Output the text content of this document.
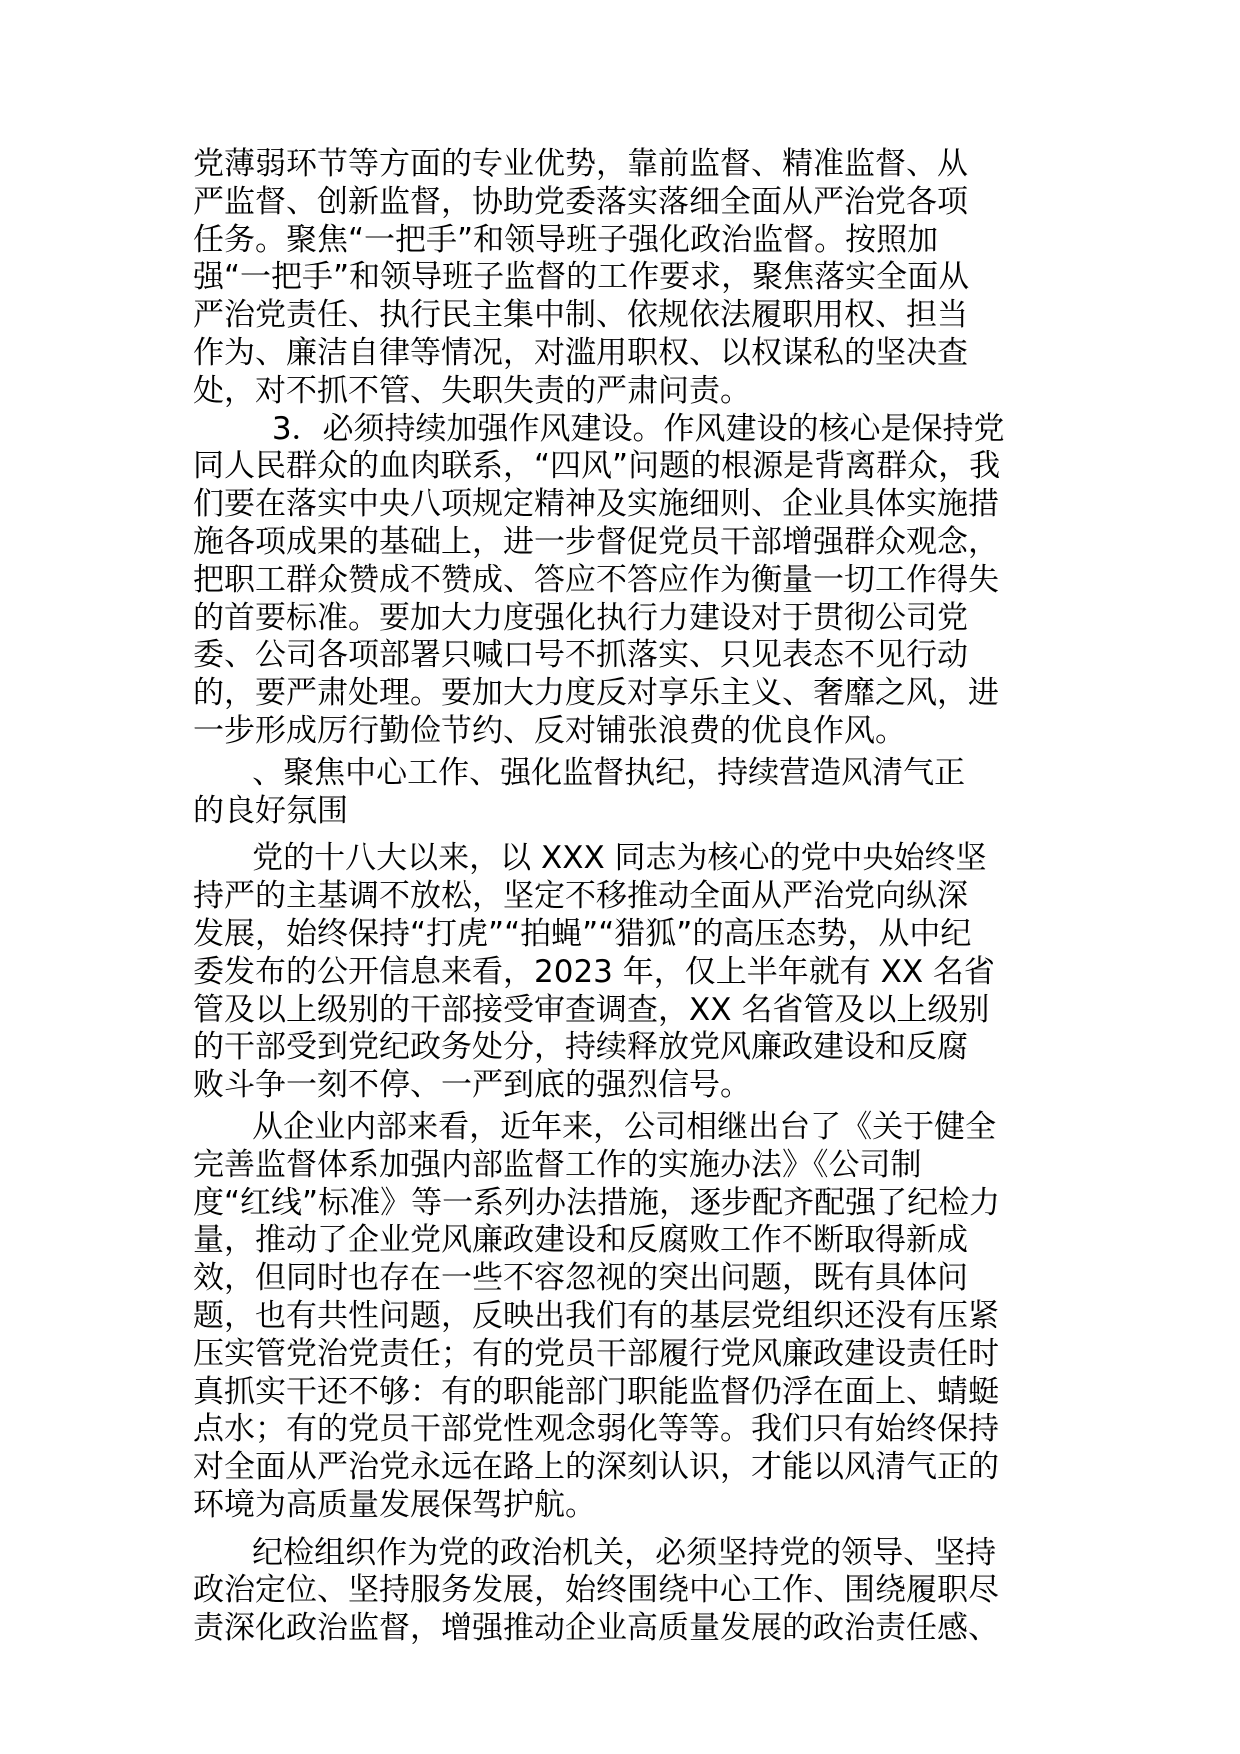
党薄弱环节等方面的专业优势，靠前监督、精准监督、从
严监督、创新监督，协助党委落实落细全面从严治党各项
任务。聚焦“一把手”和领导班子强化政治监督。按照加
强“一把手”和领导班子监督的工作要求，聚焦落实全面从
严治党责任、执行民主集中制、依规依法履职用权、担当
作为、廉洁自律等情况，对滥用职权、以权谋私的坚决查
处，对不抓不管、失职失责的严肃问责。
3．必须持续加强作风建设。作风建设的核心是保持党
同人民群众的血肉联系，“四风”问题的根源是背离群众，我
们要在落实中央八项规定精神及实施细则、企业具体实施措
施各项成果的基础上，进一步督促党员干部增强群众观念，
把职工群众赞成不赞成、答应不答应作为衡量一切工作得失
的首要标准。要加大力度强化执行力建设对于贯彻公司党
委、公司各项部署只喊口号不抓落实、只见表态不见行动
的，要严肃处理。要加大力度反对享乐主义、奢靡之风，进
一步形成厉行勤俭节约、反对铺张浪费的优良作风。
、聚焦中心工作、强化监督执纪，持续营造风清气正
的良好氛围
党的十八大以来，以 XXX 同志为核心的党中央始终坚
持严的主基调不放松，坚定不移推动全面从严治党向纵深
发展，始终保持“打虎”“拍蝇”“猎狐”的高压态势，从中纪
委发布的公开信息来看，2023 年，仅上半年就有 XX 名省
管及以上级别的干部接受审查调查，XX 名省管及以上级别
的干部受到党纪政务处分，持续释放党风廉政建设和反腐
败斗争一刻不停、一严到底的强烈信号。
从企业内部来看，近年来，公司相继出台了《关于健全
完善监督体系加强内部监督工作的实施办法》《公司制
度“红线”标准》等一系列办法措施，逐步配齐配强了纪检力
量，推动了企业党风廉政建设和反腐败工作不断取得新成
效，但同时也存在一些不容忽视的突出问题，既有具体问
题，也有共性问题，反映出我们有的基层党组织还没有压紧
压实管党治党责任；有的党员干部履行党风廉政建设责任时
真抓实干还不够：有的职能部门职能监督仍浮在面上、蜻蜓
点水；有的党员干部党性观念弱化等等。我们只有始终保持
对全面从严治党永远在路上的深刻认识，才能以风清气正的
环境为高质量发展保驾护航。
纪检组织作为党的政治机关，必须坚持党的领导、坚持
政治定位、坚持服务发展，始终围绕中心工作、围绕履职尽
责深化政治监督，增强推动企业高质量发展的政治责任感、
